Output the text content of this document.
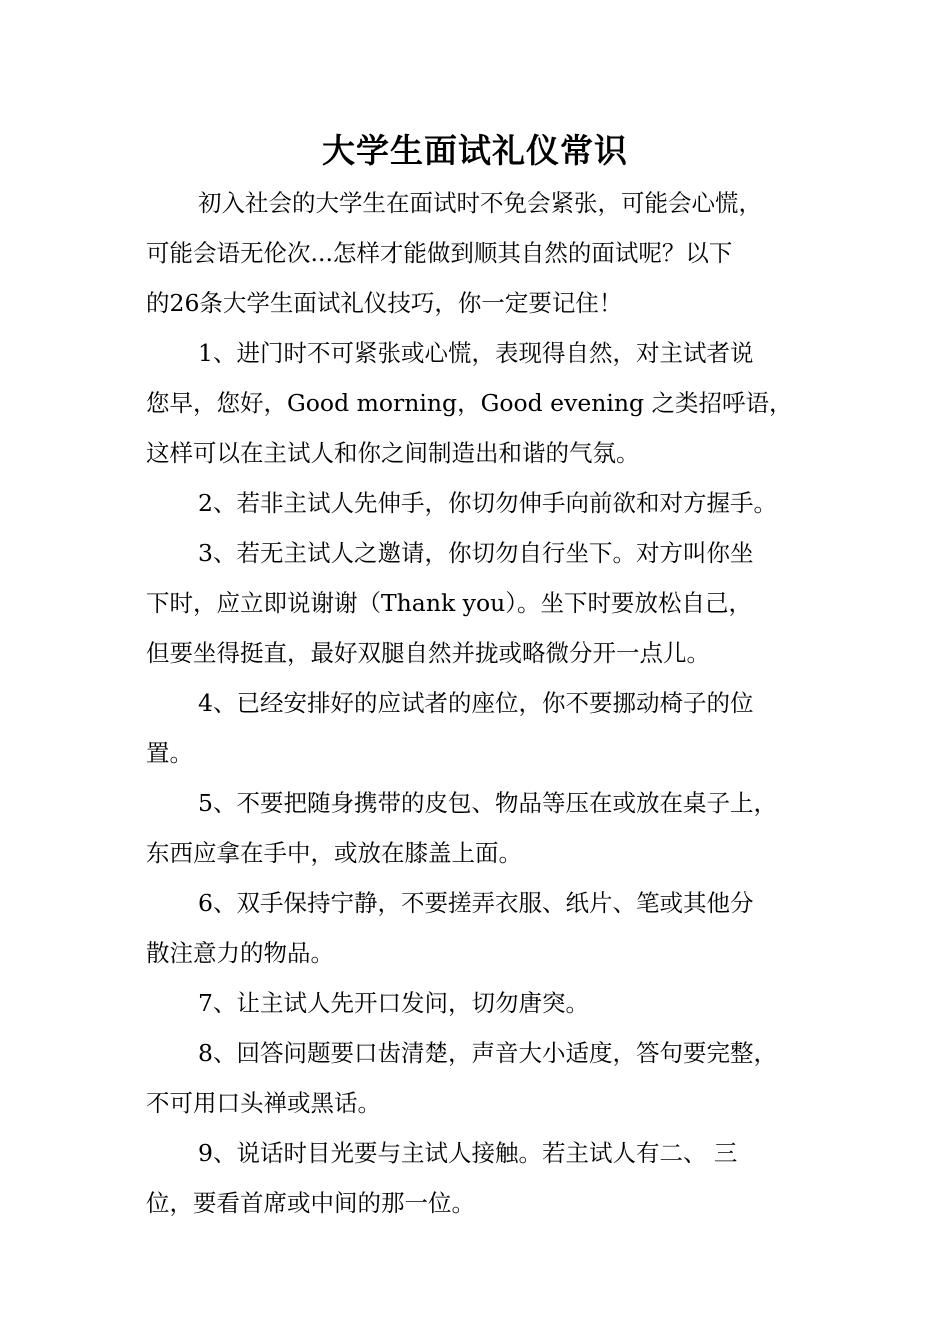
大学生面试礼仪常识
初入社会的大学生在面试时不免会紧张，可能会心慌，
可能会语无伦次...怎样才能做到顺其自然的面试呢？以下
的26条大学生面试礼仪技巧，你一定要记住！
1、进门时不可紧张或心慌，表现得自然，对主试者说
您早，您好，Good morning，Good evening 之类招呼语，
这样可以在主试人和你之间制造出和谐的气氛。
2、若非主试人先伸手，你切勿伸手向前欲和对方握手。
3、若无主试人之邀请，你切勿自行坐下。对方叫你坐
下时，应立即说谢谢（Thank you）。坐下时要放松自己，
但要坐得挺直，最好双腿自然并拢或略微分开一点儿。
4、已经安排好的应试者的座位，你不要挪动椅子的位
置。
5、不要把随身携带的皮包、物品等压在或放在桌子上，
东西应拿在手中，或放在膝盖上面。
6、双手保持宁静，不要搓弄衣服、纸片、笔或其他分
散注意力的物品。
7、让主试人先开口发问，切勿唐突。
8、回答问题要口齿清楚，声音大小适度，答句要完整，
不可用口头禅或黑话。
9、说话时目光要与主试人接触。若主试人有二、 三
位，要看首席或中间的那一位。
